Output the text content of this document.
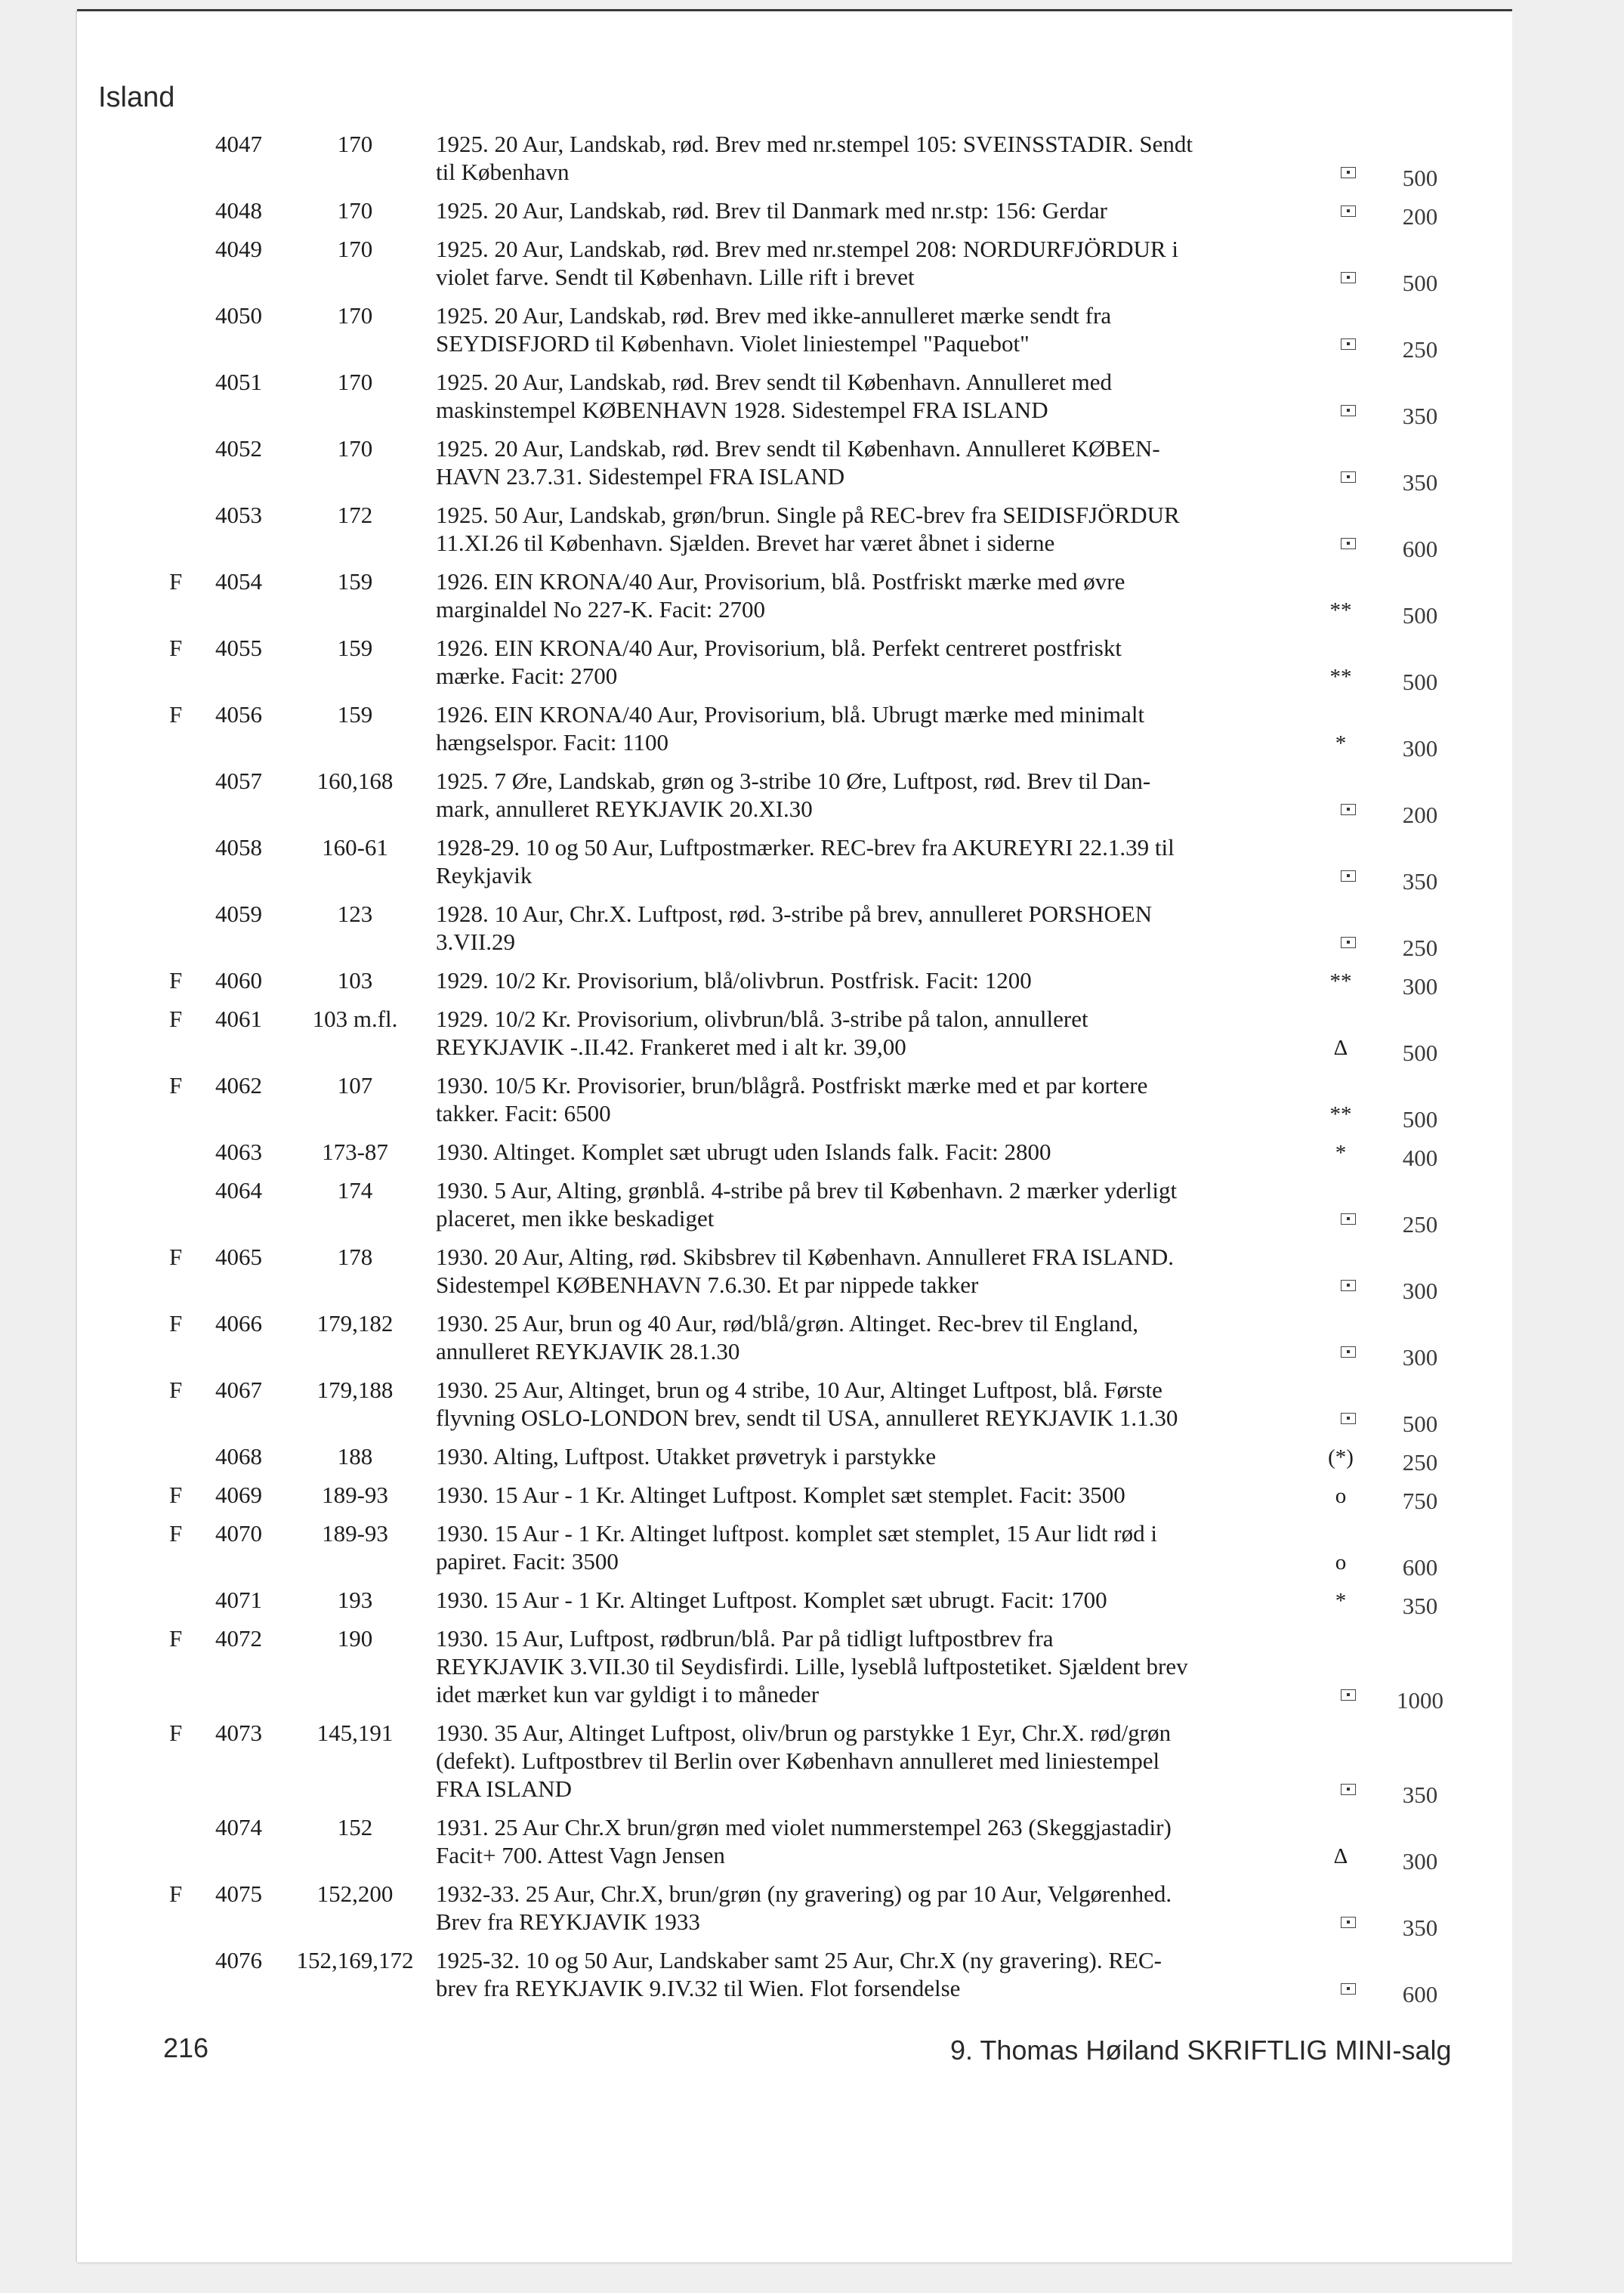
Island
4047	170	1925. 20 Aur, Landskab, rød. Brev med nr.stempel 105: SVEINSSTADIR. Sendt
til København	500
4048	170	1925. 20 Aur, Landskab, rød. Brev til Danmark med nr.stp: 156: Gerdar	200
4049	170	1925. 20 Aur, Landskab, rød. Brev med nr.stempel 208: NORDURFJÖRDUR i
violet farve. Sendt til København. Lille rift i brevet	500
4050	170	1925. 20 Aur, Landskab, rød. Brev med ikke-annulleret mærke sendt fra
SEYDISFJORD til København. Violet liniestempel "Paquebot"	250
4051	170	1925. 20 Aur, Landskab, rød. Brev sendt til København. Annulleret med
maskinstempel KØBENHAVN 1928. Sidestempel FRA ISLAND	350
4052	170	1925. 20 Aur, Landskab, rød. Brev sendt til København. Annulleret KØBEN-
HAVN 23.7.31. Sidestempel FRA ISLAND	350
4053	172	1925. 50 Aur, Landskab, grøn/brun. Single på REC-brev fra SEIDISFJÖRDUR
11.XI.26 til København. Sjælden. Brevet har været åbnet i siderne	600
F 4054	159	1926. EIN KRONA/40 Aur, Provisorium, blå. Postfriskt mærke med øvre
marginaldel No 227-K. Facit: 2700	**	500
F 4055	159	1926. EIN KRONA/40 Aur, Provisorium, blå. Perfekt centreret postfriskt
mærke. Facit: 2700	**	500
F 4056	159	1926. EIN KRONA/40 Aur, Provisorium, blå. Ubrugt mærke med minimalt
hængselspor. Facit: 1100	*	300
4057	160,168	1925. 7 Øre, Landskab, grøn og 3-stribe 10 Øre, Luftpost, rød. Brev til Dan-
mark, annulleret REYKJAVIK 20.XI.30	200
4058	160-61	1928-29. 10 og 50 Aur, Luftpostmærker. REC-brev fra AKUREYRI 22.1.39 til
Reykjavik	350
4059	123	1928. 10 Aur, Chr.X. Luftpost, rød. 3-stribe på brev, annulleret PORSHOEN
3.VII.29	250
F 4060	103	1929. 10/2 Kr. Provisorium, blå/olivbrun. Postfrisk. Facit: 1200	**	300
F 4061	103 m.fl.	1929. 10/2 Kr. Provisorium, olivbrun/blå. 3-stribe på talon, annulleret
REYKJAVIK -.II.42. Frankeret med i alt kr. 39,00	Δ	500
F 4062	107	1930. 10/5 Kr. Provisorier, brun/blågrå. Postfriskt mærke med et par kortere
takker. Facit: 6500	**	500
4063	173-87	1930. Altinget. Komplet sæt ubrugt uden Islands falk. Facit: 2800	*	400
4064	174	1930. 5 Aur, Alting, grønblå. 4-stribe på brev til København. 2 mærker yderligt
placeret, men ikke beskadiget	250
F 4065	178	1930. 20 Aur, Alting, rød. Skibsbrev til København. Annulleret FRA ISLAND.
Sidestempel KØBENHAVN 7.6.30. Et par nippede takker	300
F 4066	179,182	1930. 25 Aur, brun og 40 Aur, rød/blå/grøn. Altinget. Rec-brev til England,
annulleret REYKJAVIK 28.1.30	300
F 4067	179,188	1930. 25 Aur, Altinget, brun og 4 stribe, 10 Aur, Altinget Luftpost, blå. Første
flyvning OSLO-LONDON brev, sendt til USA, annulleret REYKJAVIK 1.1.30	500
4068	188	1930. Alting, Luftpost. Utakket prøvetryk i parstykke	(*)	250
F 4069	189-93	1930. 15 Aur - 1 Kr. Altinget Luftpost. Komplet sæt stemplet. Facit: 3500	o	750
F 4070	189-93	1930. 15 Aur - 1 Kr. Altinget luftpost. komplet sæt stemplet, 15 Aur lidt rød i
papiret. Facit: 3500	o	600
4071	193	1930. 15 Aur - 1 Kr. Altinget Luftpost. Komplet sæt ubrugt. Facit: 1700	*	350
F 4072	190	1930. 15 Aur, Luftpost, rødbrun/blå. Par på tidligt luftpostbrev fra
REYKJAVIK 3.VII.30 til Seydisfirdi. Lille, lyseblå luftpostetiket. Sjældent brev
idet mærket kun var gyldigt i to måneder	1000
F 4073	145,191	1930. 35 Aur, Altinget Luftpost, oliv/brun og parstykke 1 Eyr, Chr.X. rød/grøn
(defekt). Luftpostbrev til Berlin over København annulleret med liniestempel
FRA ISLAND	350
4074	152	1931. 25 Aur Chr.X brun/grøn med violet nummerstempel 263 (Skeggjastadir)
Facit+ 700. Attest Vagn Jensen	Δ	300
F 4075	152,200	1932-33. 25 Aur, Chr.X, brun/grøn (ny gravering) og par 10 Aur, Velgørenhed.
Brev fra REYKJAVIK 1933	350
4076	152,169,172 1925-32. 10 og 50 Aur, Landskaber samt 25 Aur, Chr.X (ny gravering). REC-
brev fra REYKJAVIK 9.IV.32 til Wien. Flot forsendelse	600
216	9. Thomas Høiland SKRIFTLIG MINI-salg
